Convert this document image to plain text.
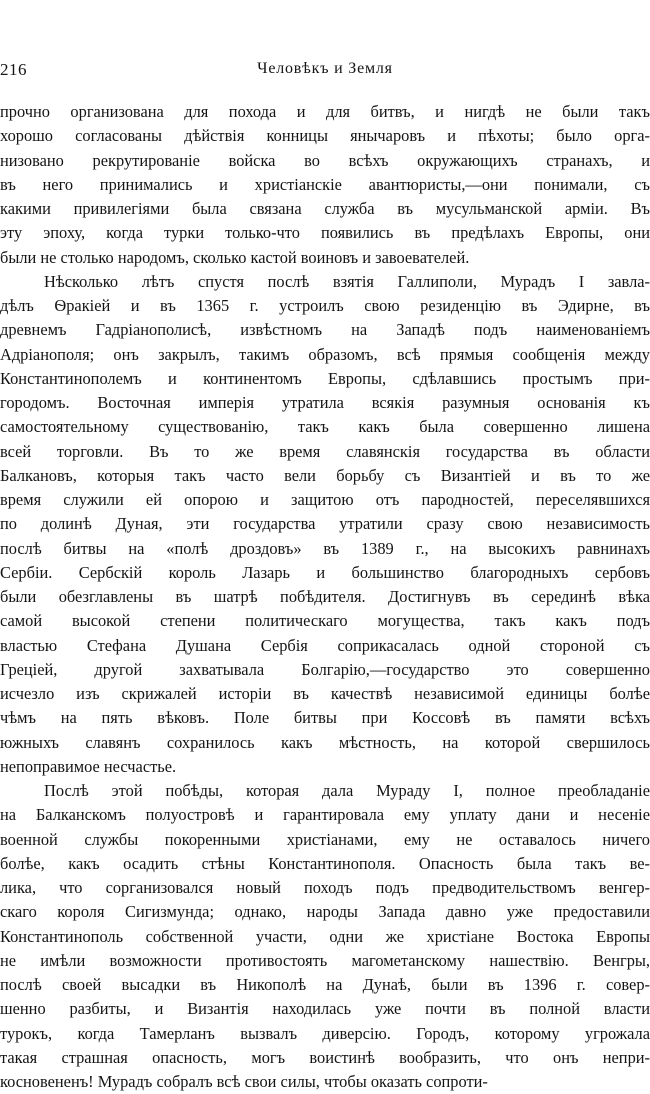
216	Человѣкъ и Земля
прочно организована для похода и для битвъ, и нигдѣ не были такъ
хорошо согласованы дѣйствія конницы янычаровъ и пѣхоты; было орга-
низовано рекрутированіе войска во всѣхъ окружающихъ странахъ, и
въ него принимались и христіанскіе авантюристы,—они понимали, съ
какими привилегіями была связана служба въ мусульманской арміи. Въ
эту эпоху, когда турки только-что появились въ предѣлахъ Европы, они
были не столько народомъ, сколько кастой воиновъ и завоевателей.
Нѣсколько лѣтъ спустя послѣ взятія Галлиполи, Мурадъ I завла-
дѣлъ Ѳракіей и въ 1365 г. устроилъ свою резиденцію въ Эдирне, въ
древнемъ Гадріанополисѣ, извѣстномъ на Западѣ подъ наименованіемъ
Адріанополя; онъ закрылъ, такимъ образомъ, всѣ прямыя сообщенія между
Константинополемъ и континентомъ Европы, сдѣлавшись простымъ при-
городомъ. Восточная имперія утратила всякія разумныя основанія къ
самостоятельному существованію, такъ какъ была совершенно лишена
всей торговли. Въ то же время славянскія государства въ области
Балкановъ, которыя такъ часто вели борьбу съ Византіей и въ то же
время служили ей опорою и защитою отъ пародностей, переселявшихся
по долинѣ Дуная, эти государства утратили сразу свою независимость
послѣ битвы на «полѣ дроздовъ» въ 1389 г., на высокихъ равнинахъ
Сербіи. Сербскій король Лазарь и большинство благородныхъ сербовъ
были обезглавлены въ шатрѣ побѣдителя. Достигнувъ въ серединѣ вѣка
самой высокой степени политическаго могущества, такъ какъ подъ
властью Стефана Душана Сербія соприкасалась одной стороной съ
Греціей, другой захватывала Болгарію,—государство это совершенно
исчезло изъ скрижалей исторіи въ качествѣ независимой единицы болѣе
чѣмъ на пять вѣковъ. Поле битвы при Коссовѣ въ памяти всѣхъ
южныхъ славянъ сохранилось какъ мѣстность, на которой свершилось
непоправимое несчастье.
Послѣ этой побѣды, которая дала Мураду I, полное преобладаніе
на Балканскомъ полуостровѣ и гарантировала ему уплату дани и несеніе
военной службы покоренными христіанами, ему не оставалось ничего
болѣе, какъ осадить стѣны Константинополя. Опасность была такъ ве-
лика, что сорганизовался новый походъ подъ предводительствомъ венгер-
скаго короля Сигизмунда; однако, народы Запада давно уже предоставили
Константинополь собственной участи, одни же христіане Востока Европы
не имѣли возможности противостоять магометанскому нашествію. Венгры,
послѣ своей высадки въ Никополѣ на Дунаѣ, были въ 1396 г. совер-
шенно разбиты, и Византія находилась уже почти въ полной власти
турокъ, когда Тамерланъ вызвалъ диверсію. Городъ, которому угрожала
такая страшная опасность, могъ воистинѣ вообразить, что онъ непри-
косновененъ! Мурадъ собралъ всѣ свои силы, чтобы оказать сопроти-
